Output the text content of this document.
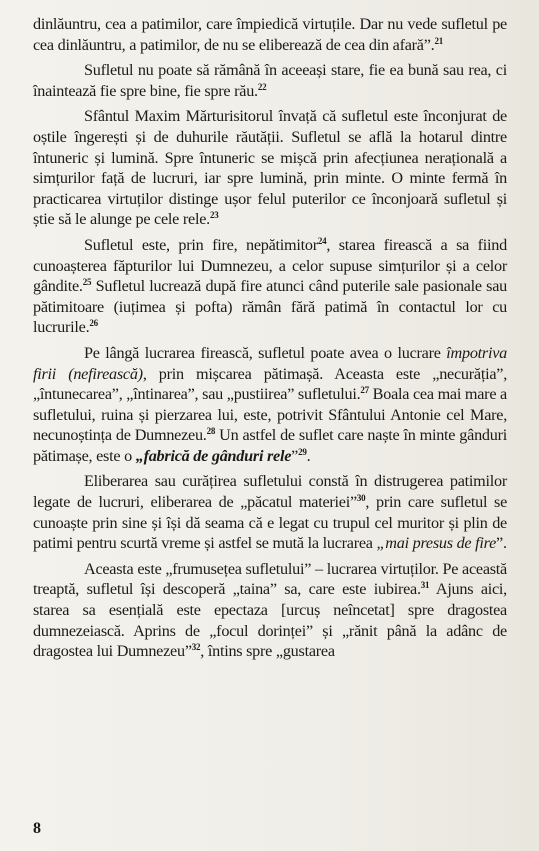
dinlăuntru, cea a patimilor, care împiedică virtuțile. Dar nu vede sufletul pe cea dinlăuntru, a patimilor, de nu se eliberează de cea din afară”.$^{21}$

Sufletul nu poate să rămână în aceeași stare, fie ea bună sau rea, ci înaintează fie spre bine, fie spre rău.$^{22}$

Sfântul Maxim Mărturisitorul învață că sufletul este înconjurat de oștile îngerești și de duhurile răutății. Sufletul se află la hotarul dintre întuneric și lumină. Spre întuneric se mișcă prin afecțiunea nerațională a simțurilor față de lucruri, iar spre lumină, prin minte. O minte fermă în practicarea virtuților distinge ușor felul puterilor ce înconjoară sufletul și știe să le alunge pe cele rele.$^{23}$

Sufletul este, prin fire, nepătimitor$^{24}$, starea firească a sa fiind cunoașterea făpturilor lui Dumnezeu, a celor supuse simțurilor și a celor gândite.$^{25}$ Sufletul lucrează după fire atunci când puterile sale pasionale sau pătimitoare (iuțimea și pofta) rămân fără patimă în contactul lor cu lucrurile.$^{26}$

Pe lângă lucrarea firească, sufletul poate avea o lucrare împotriva firii (nefirească), prin mișcarea pătimașă. Aceasta este „necurăția”, „întunecarea”, „întinarea”, sau „pustiirea” sufletului.$^{27}$ Boala cea mai mare a sufletului, ruina și pierzarea lui, este, potrivit Sfântului Antonie cel Mare, necunoștința de Dumnezeu.$^{28}$ Un astfel de suflet care naște în minte gânduri pătimașe, este o „fabrică de gânduri rele”$^{29}$.

Eliberarea sau curățirea sufletului constă în distrugerea patimilor legate de lucruri, eliberarea de „păcatul materiei”$^{30}$, prin care sufletul se cunoaște prin sine și își dă seama că e legat cu trupul cel muritor și plin de patimi pentru scurtă vreme și astfel se mută la lucrarea „mai presus de fire”.

Aceasta este „frumusețea sufletului” – lucrarea virtuților. Pe această treaptă, sufletul își descoperă „taina” sa, care este iubirea.$^{31}$ Ajuns aici, starea sa esențială este epectaza [urcuș neîncetat] spre dragostea dumnezeiască. Aprins de „focul dorinței” și „rănit până la adânc de dragostea lui Dumnezeu”$^{32}$, întins spre „gustarea

8
